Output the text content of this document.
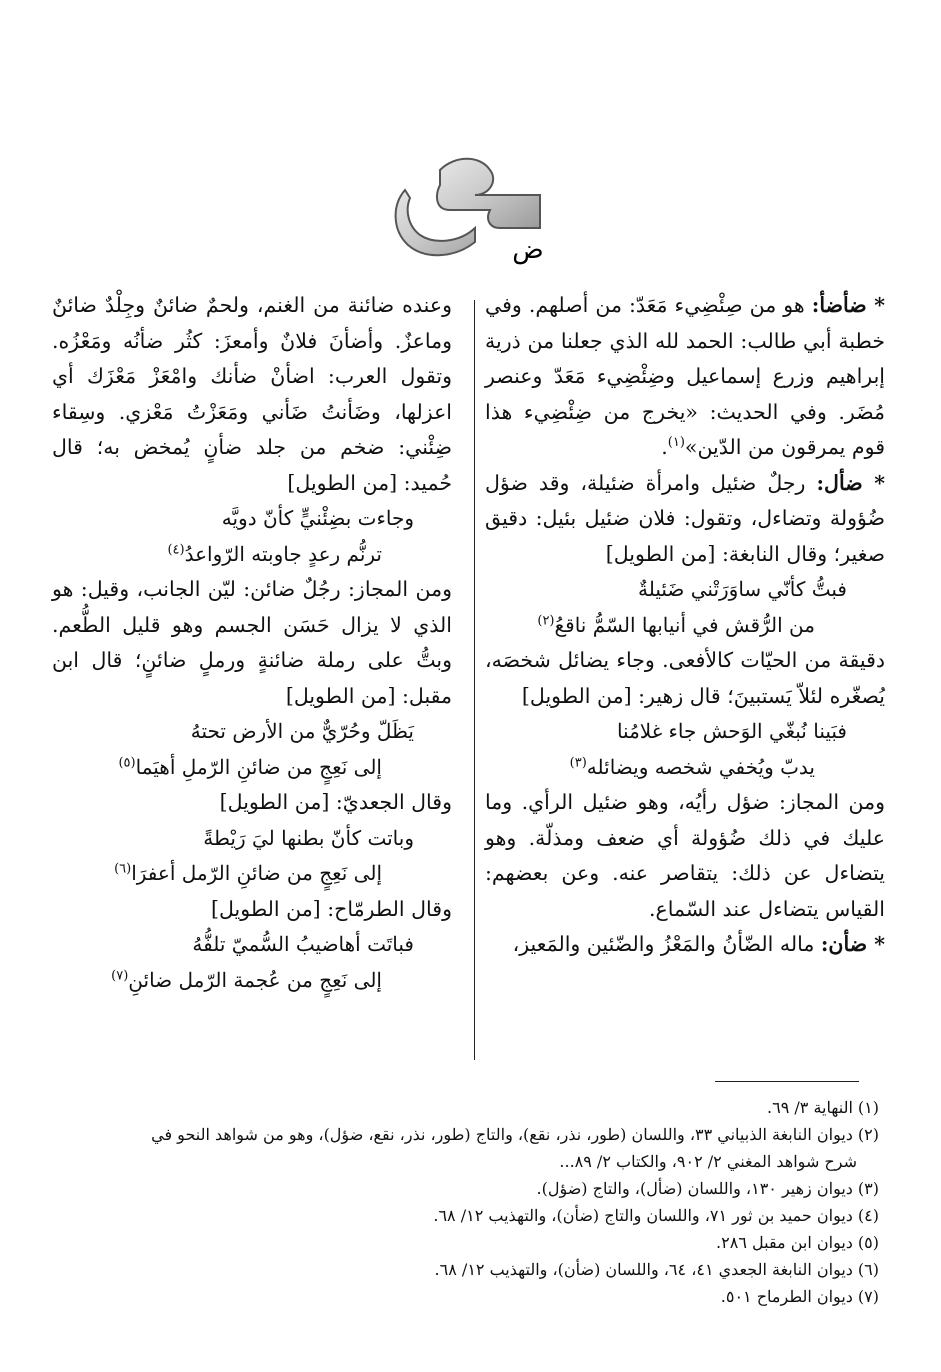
ض

* ضأضأ: هو من صِئْضِيء مَعَدّ: من أصلهم. وفي خطبة أبي طالب: الحمد لله الذي جعلنا من ذرية إبراهيم وزرع إسماعيل وضِئْضِيء مَعَدّ وعنصر مُضَر. وفي الحديث: «يخرج من ضِئْضِيء هذا قوم يمرقون من الدّين»$^{(١)}$.

* ضأل: رجلٌ ضئيل وامرأة ضئيلة، وقد ضؤل ضُؤولة وتضاءل، وتقول: فلان ضئيل بئيل: دقيق صغير؛ وقال النابغة: [من الطويل]

فبتُّ كأنّي ساوَرَتْني ضَئيلةٌ

من الرُّقش في أنيابها السّمُّ ناقعُ$^{(٢)}$

دقيقة من الحيّات كالأفعى. وجاء يضائل شخصَه، يُصغّره لئلاّ يَستبينَ؛ قال زهير: [من الطويل]

فبَينا نُبغّي الوَحش جاء غلامُنا

يدبّ ويُخفي شخصه ويضائله$^{(٣)}$

ومن المجاز: ضؤل رأيُه، وهو ضئيل الرأي. وما عليك في ذلك ضُؤولة أي ضعف ومذلّة. وهو يتضاءل عن ذلك: يتقاصر عنه. وعن بعضهم: القياس يتضاءل عند السّماع.

* ضأن: ماله الضّأنُ والمَعْزُ والضّئين والمَعيز،

وعنده ضائنة من الغنم، ولحمٌ ضائنٌ وجِلْدٌ ضائنٌ وماعزٌ. وأضأنَ فلانٌ وأمعزَ: كثُر ضأنُه ومَعْزُه. وتقول العرب: اضأنْ ضأنك وامْعَزْ مَعْزَك أي اعزلها، وضَأنتُ ضَأني ومَعَزْتُ مَعْزي. وسِقاء ضِئْني: ضخم من جلد ضأنٍ يُمخض به؛ قال حُميد: [من الطويل]

وجاءت بضِئْنيٍّ كأنّ دويَّه

ترنُّم رعدٍ جاوبته الرّواعدُ$^{(٤)}$

ومن المجاز: رجُلٌ ضائن: ليّن الجانب، وقيل: هو الذي لا يزال حَسَن الجسم وهو قليل الطُّعم. وبتُّ على رملة ضائنةٍ ورملٍ ضائنٍ؛ قال ابن مقبل: [من الطويل]

يَظَلّ وحُرّيٌّ من الأرض تحتهُ

إلى نَعِجٍ من ضائنِ الرّملِ أهيَما$^{(٥)}$

وقال الجعديّ: [من الطويل]

وباتت كأنّ بطنها ليَ رَيْطةً

إلى نَعِجٍ من ضائنِ الرّمل أعفرَا$^{(٦)}$

وقال الطرمّاح: [من الطويل]

فباتَت أهاضيبُ السُّميّ تلفُّهُ

إلى نَعِجٍ من عُجمة الرّمل ضائنِ$^{(٧)}$

(١)النهاية ٣/ ٦٩.

(٢)ديوان النابغة الذبياني ٣٣، واللسان (طور، نذر، نقع)، والتاج (طور، نذر، نقع، ضؤل)، وهو من شواهد النحو في

شرح شواهد المغني ٢/ ٩٠٢، والكتاب ٢/ ٨٩...

(٣)ديوان زهير ١٣٠، واللسان (ضأل)، والتاج (ضؤل).

(٤)ديوان حميد بن ثور ٧١، واللسان والتاج (ضأن)، والتهذيب ١٢/ ٦٨.

(٥)ديوان ابن مقبل ٢٨٦.

(٦)ديوان النابغة الجعدي ٤١، ٦٤، واللسان (ضأن)، والتهذيب ١٢/ ٦٨.

(٧)ديوان الطرماح ٥٠١.
